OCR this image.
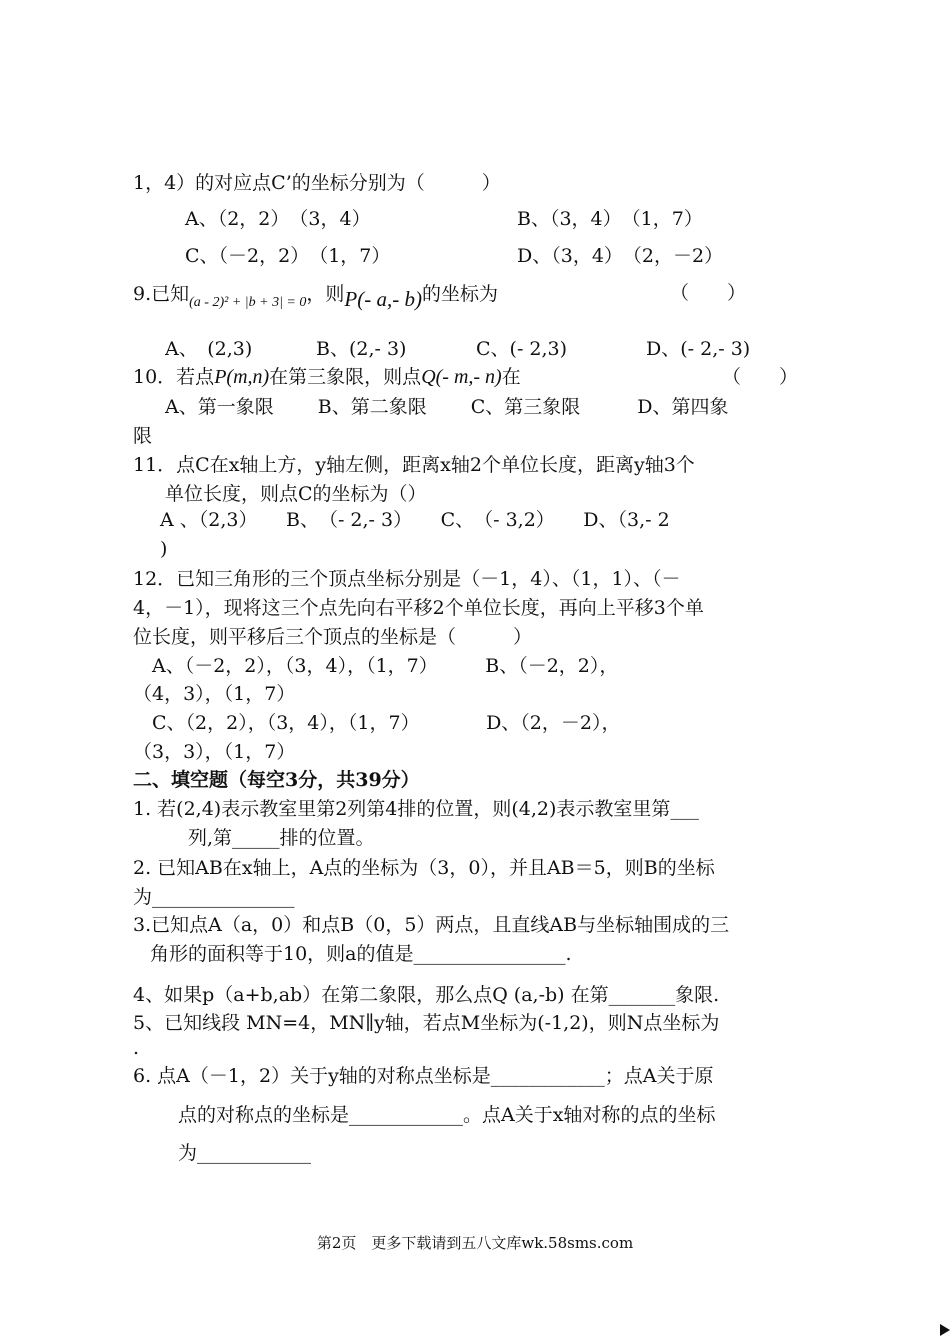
1，4）的对应点C’的坐标分别为（　　　）
A、（2，2）　（3，4）	B、（3，4）　（1，7）
C、（－2，2）　（1，7）	D、（3，4）　（2，－2）
9.已知$_{(a - 2)^2 + |b + 3| = 0}$，则P(- a,- b)的坐标为	（　　）
A、　(2,3)	B、(2,- 3)	C、(- 2,3)	D、(- 2,- 3)
10．若点P(m,n)在第三象限，则点Q(- m,- n)在	（　　）
A、第一象限　　 B、第二象限　　 C、第三象限　　　D、第四象
限
11．点C在x轴上方，y轴左侧，距离x轴2个单位长度，距离y轴3个
单位长度，则点C的坐标为（）
A 、（2,3）　　B、　（- 2,- 3）　　C、　（- 3,2）　　D、（3,- 2
)
12．已知三角形的三个顶点坐标分别是（－1，4）、（1，1）、（－
4，－1），现将这三个点先向右平移2个单位长度，再向上平移3个单
位长度，则平移后三个顶点的坐标是（　　　）
A、（－2，2），（3，4），（1，7）　　　B、（－2，2），
（4，3），（1，7）
C、（2，2），（3，4），（1，7）　　　　D、（2，－2），
（3，3），（1，7）
二、填空题（每空3分，共39分）
1. 若(2,4)表示教室里第2列第4排的位置，则(4,2)表示教室里第___
列,第_____排的位置。
2. 已知AB在x轴上，A点的坐标为（3，0），并且AB＝5，则B的坐标
为_______________
3.已知点A（a，0）和点B（0，5）两点，且直线AB与坐标轴围成的三
角形的面积等于10，则a的值是________________.
4、如果p（a+b,ab）在第二象限，那么点Q (a,-b) 在第_______象限.
5、已知线段 MN=4，MN∥y轴，若点M坐标为(-1,2)，则N点坐标为
.
6. 点A（－1，2）关于y轴的对称点坐标是____________；点A关于原
点的对称点的坐标是____________。点A关于x轴对称的点的坐标
为____________
第2页　更多下载请到五八文库wk.58sms.com
